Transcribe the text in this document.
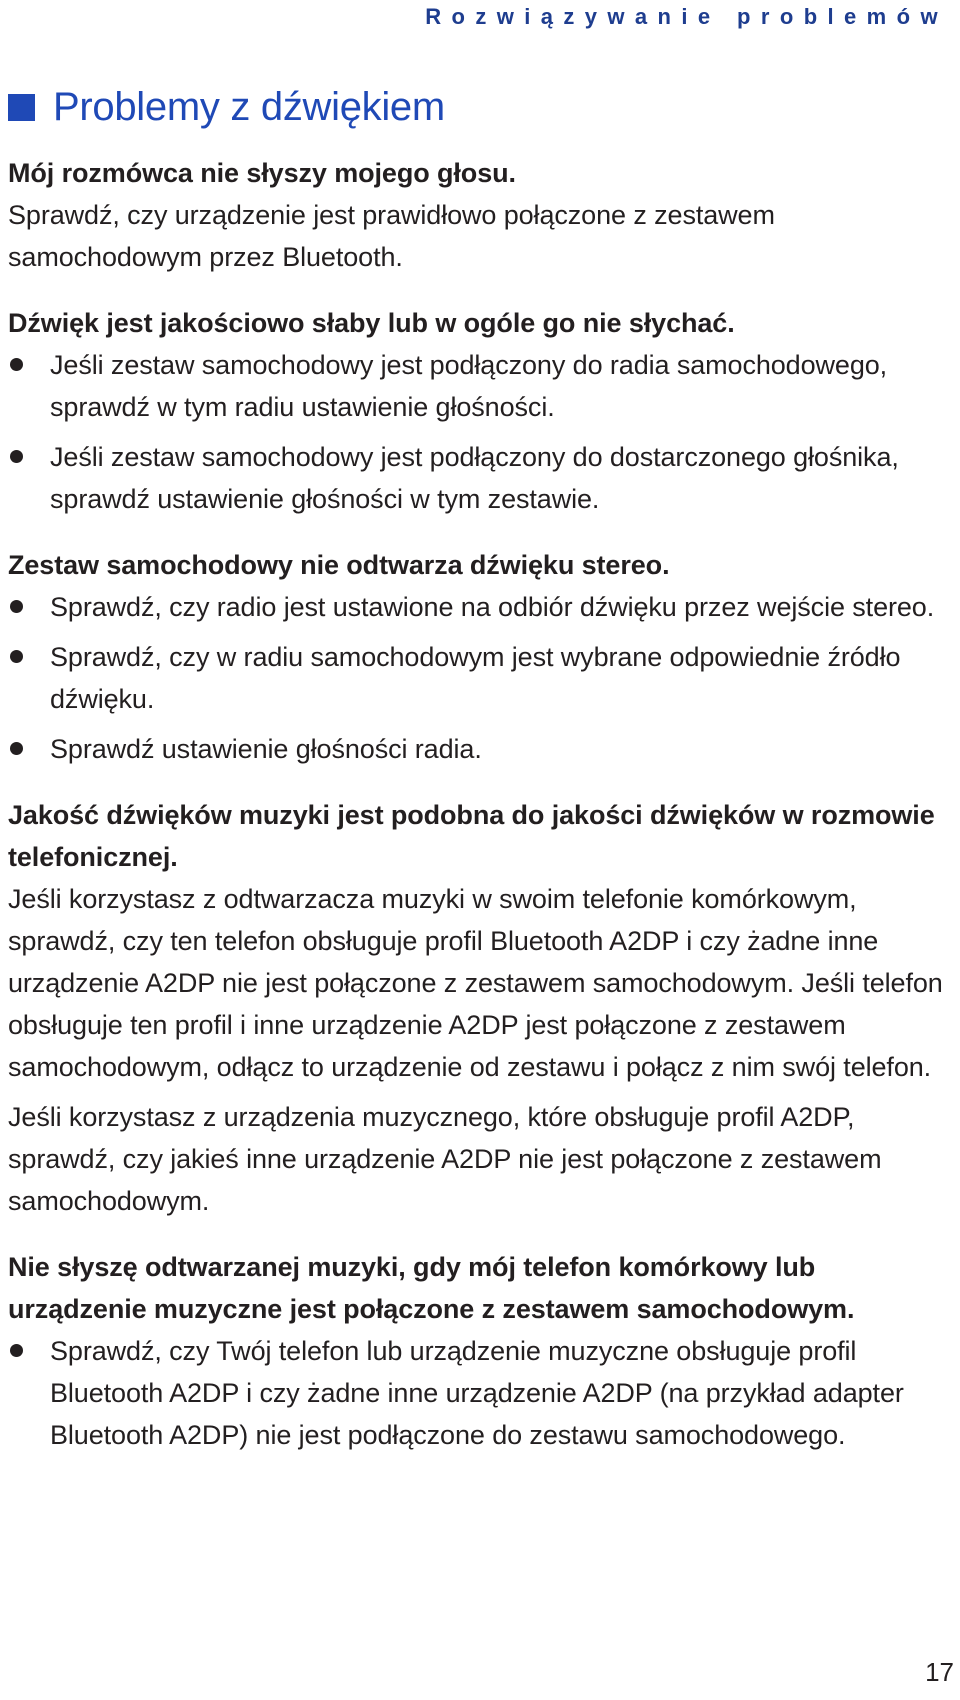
Rozwiązywanie problemów
Problemy z dźwiękiem

Mój rozmówca nie słyszy mojego głosu.

Sprawdź, czy urządzenie jest prawidłowo połączone z zestawem samochodowym przez Bluetooth.

Dźwięk jest jakościowo słaby lub w ogóle go nie słychać.

Jeśli zestaw samochodowy jest podłączony do radia samochodowego, sprawdź w tym radiu ustawienie głośności.
Jeśli zestaw samochodowy jest podłączony do dostarczonego głośnika, sprawdź ustawienie głośności w tym zestawie.

Zestaw samochodowy nie odtwarza dźwięku stereo.

Sprawdź, czy radio jest ustawione na odbiór dźwięku przez wejście stereo.
Sprawdź, czy w radiu samochodowym jest wybrane odpowiednie źródło dźwięku.
Sprawdź ustawienie głośności radia.

Jakość dźwięków muzyki jest podobna do jakości dźwięków w rozmowie telefonicznej.

Jeśli korzystasz z odtwarzacza muzyki w swoim telefonie komórkowym, sprawdź, czy ten telefon obsługuje profil Bluetooth A2DP i czy żadne inne urządzenie A2DP nie jest połączone z zestawem samochodowym. Jeśli telefon obsługuje ten profil i inne urządzenie A2DP jest połączone z zestawem samochodowym, odłącz to urządzenie od zestawu i połącz z nim swój telefon.

Jeśli korzystasz z urządzenia muzycznego, które obsługuje profil A2DP, sprawdź, czy jakieś inne urządzenie A2DP nie jest połączone z zestawem samochodowym.

Nie słyszę odtwarzanej muzyki, gdy mój telefon komórkowy lub urządzenie muzyczne jest połączone z zestawem samochodowym.

Sprawdź, czy Twój telefon lub urządzenie muzyczne obsługuje profil Bluetooth A2DP i czy żadne inne urządzenie A2DP (na przykład adapter Bluetooth A2DP) nie jest podłączone do zestawu samochodowego.
17
